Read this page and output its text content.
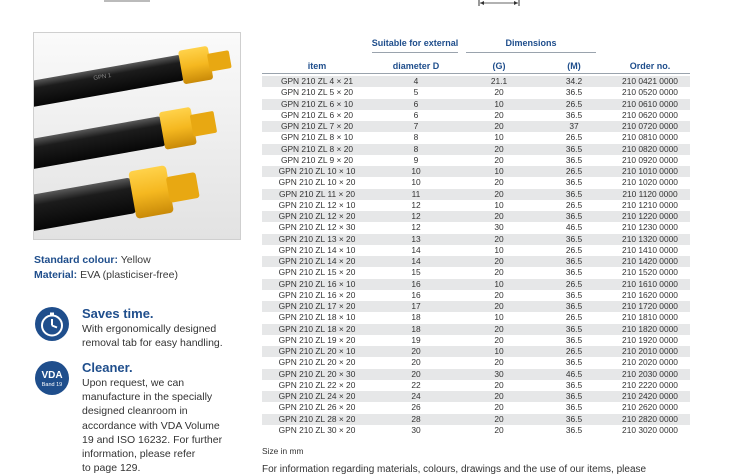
GPN 1
Standard colour: Yellow
Material: EVA (plasticiser-free)
Saves time.
With ergonomically designed
removal tab for easy handling.
VDA
Band 19
Cleaner.
Upon request, we can
manufacture in the specially
designed cleanroom in
accordance with VDA Volume
19 and ISO 16232. For further
information, please refer
to page 129.
Suitable for external	Dimensions
item	diameter D	(G)	(M)	Order no.
GPN 210 ZL 4 × 21	4	21.1	34.2	210 0421 0000
GPN 210 ZL 5 × 20	5	20	36.5	210 0520 0000
GPN 210 ZL 6 × 10	6	10	26.5	210 0610 0000
GPN 210 ZL 6 × 20	6	20	36.5	210 0620 0000
GPN 210 ZL 7 × 20	7	20	37	210 0720 0000
GPN 210 ZL 8 × 10	8	10	26.5	210 0810 0000
GPN 210 ZL 8 × 20	8	20	36.5	210 0820 0000
GPN 210 ZL 9 × 20	9	20	36.5	210 0920 0000
GPN 210 ZL 10 × 10	10	10	26.5	210 1010 0000
GPN 210 ZL 10 × 20	10	20	36.5	210 1020 0000
GPN 210 ZL 11 × 20	11	20	36.5	210 1120 0000
GPN 210 ZL 12 × 10	12	10	26.5	210 1210 0000
GPN 210 ZL 12 × 20	12	20	36.5	210 1220 0000
GPN 210 ZL 12 × 30	12	30	46.5	210 1230 0000
GPN 210 ZL 13 × 20	13	20	36.5	210 1320 0000
GPN 210 ZL 14 × 10	14	10	26.5	210 1410 0000
GPN 210 ZL 14 × 20	14	20	36.5	210 1420 0000
GPN 210 ZL 15 × 20	15	20	36.5	210 1520 0000
GPN 210 ZL 16 × 10	16	10	26.5	210 1610 0000
GPN 210 ZL 16 × 20	16	20	36.5	210 1620 0000
GPN 210 ZL 17 × 20	17	20	36.5	210 1720 0000
GPN 210 ZL 18 × 10	18	10	26.5	210 1810 0000
GPN 210 ZL 18 × 20	18	20	36.5	210 1820 0000
GPN 210 ZL 19 × 20	19	20	36.5	210 1920 0000
GPN 210 ZL 20 × 10	20	10	26.5	210 2010 0000
GPN 210 ZL 20 × 20	20	20	36.5	210 2020 0000
GPN 210 ZL 20 × 30	20	30	46.5	210 2030 0000
GPN 210 ZL 22 × 20	22	20	36.5	210 2220 0000
GPN 210 ZL 24 × 20	24	20	36.5	210 2420 0000
GPN 210 ZL 26 × 20	26	20	36.5	210 2620 0000
GPN 210 ZL 28 × 20	28	20	36.5	210 2820 0000
GPN 210 ZL 30 × 20	30	20	36.5	210 3020 0000
Size in mm
For information regarding materials, colours, drawings and the use of our items, please
